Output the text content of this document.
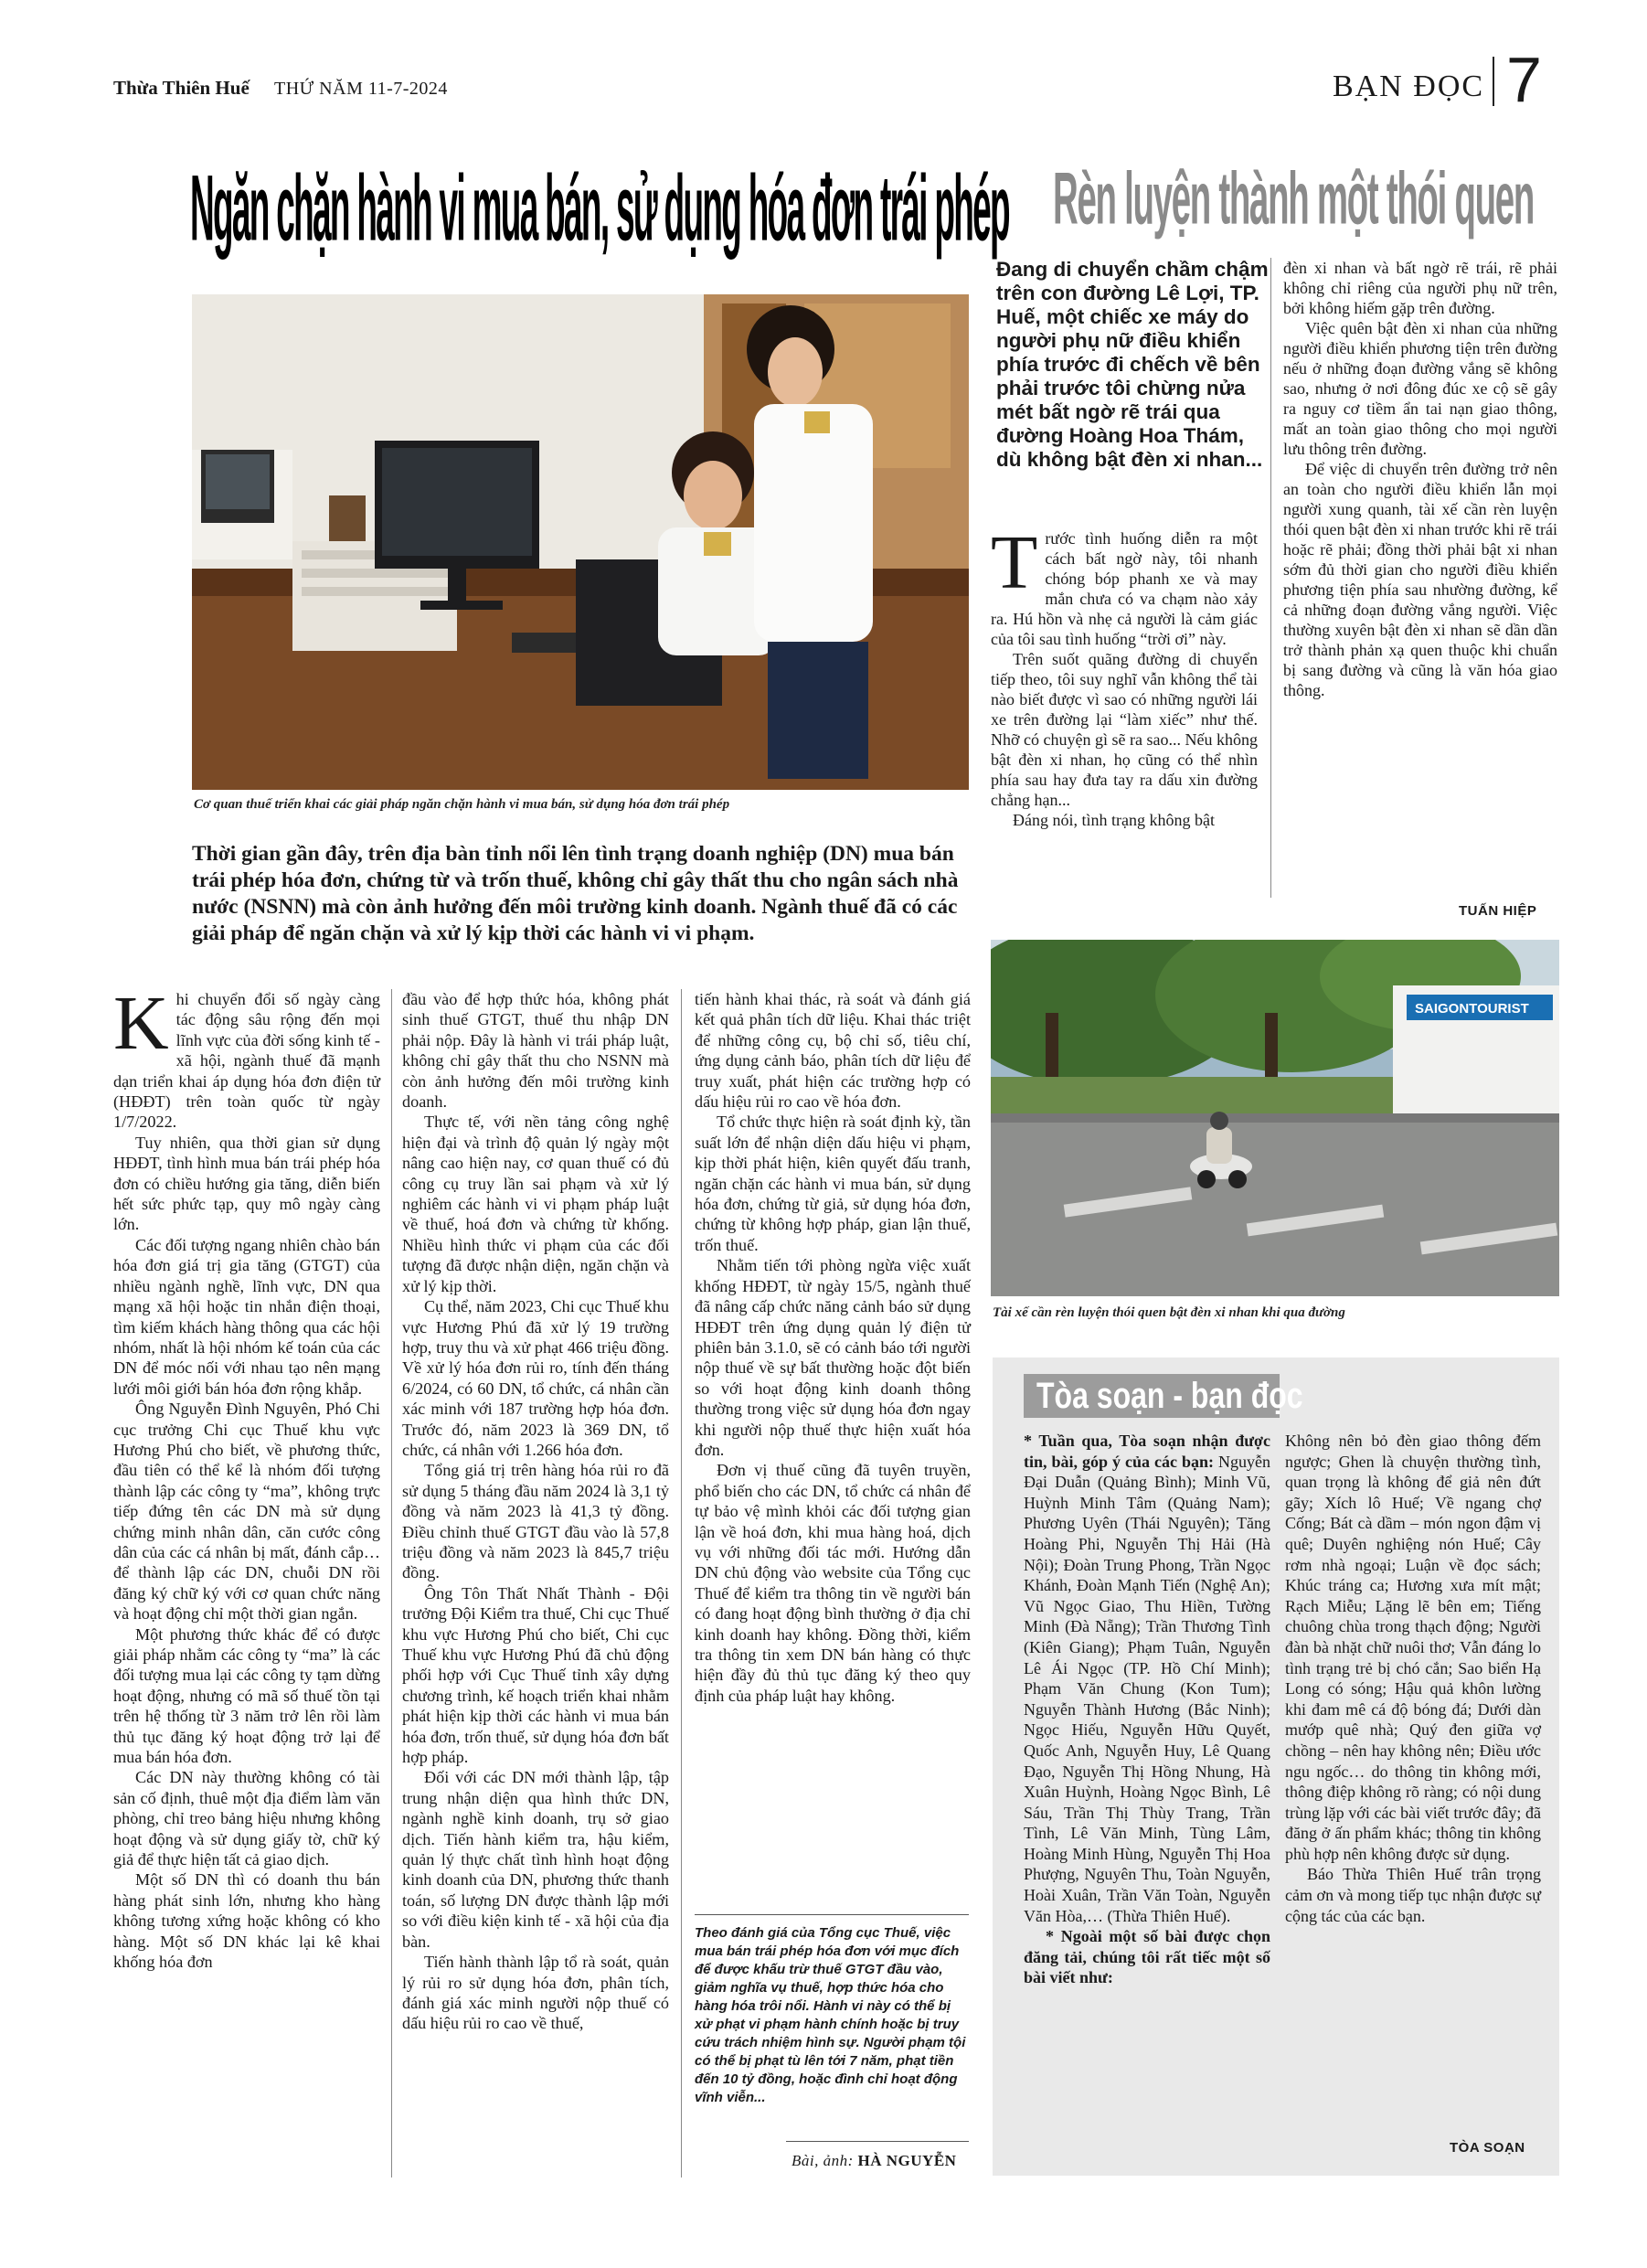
Thừa Thiên Huế THỨ NĂM 11-7-2024	BẠN ĐỌC 7
Ngăn chặn hành vi mua bán, sử dụng hóa đơn trái phép Rèn luyện thành một thói quen
Cơ quan thuế triển khai các giải pháp ngăn chặn hành vi mua bán, sử dụng hóa đơn trái phép
Thời gian gần đây, trên địa bàn tỉnh nổi lên tình trạng doanh nghiệp (DN) mua bán trái phép hóa đơn, chứng từ và trốn thuế, không chỉ gây thất thu cho ngân sách nhà nước (NSNN) mà còn ảnh hưởng đến môi trường kinh doanh. Ngành thuế đã có các giải pháp để ngăn chặn và xử lý kịp thời các hành vi vi phạm.
K hi chuyển đổi số ngày càng tác động sâu rộng đến mọi lĩnh vực của đời sống kinh tế - xã hội, ngành thuế đã mạnh dạn triển khai áp dụng hóa đơn điện tử (HĐĐT) trên toàn quốc từ ngày 1/7/2022.

Tuy nhiên, qua thời gian sử dụng HĐĐT, tình hình mua bán trái phép hóa đơn có chiều hướng gia tăng, diễn biến hết sức phức tạp, quy mô ngày càng lớn.

Các đối tượng ngang nhiên chào bán hóa đơn giá trị gia tăng (GTGT) của nhiều ngành nghề, lĩnh vực, DN qua mạng xã hội hoặc tin nhắn điện thoại, tìm kiếm khách hàng thông qua các hội nhóm, nhất là hội nhóm kế toán của các DN để móc nối với nhau tạo nên mạng lưới môi giới bán hóa đơn rộng khắp.

Ông Nguyễn Đình Nguyên, Phó Chi cục trưởng Chi cục Thuế khu vực Hương Phú cho biết, về phương thức, đầu tiên có thể kể là nhóm đối tượng thành lập các công ty “ma”, không trực tiếp đứng tên các DN mà sử dụng chứng minh nhân dân, căn cước công dân của các cá nhân bị mất, đánh cắp… để thành lập các DN, chuỗi DN rồi đăng ký chữ ký với cơ quan chức năng và hoạt động chỉ một thời gian ngắn.

Một phương thức khác để có được giải pháp nhằm các công ty “ma” là các đối tượng mua lại các công ty tạm dừng hoạt động, nhưng có mã số thuế tồn tại trên hệ thống từ 3 năm trở lên rồi làm thủ tục đăng ký hoạt động trở lại để mua bán hóa đơn.

Các DN này thường không có tài sản cố định, thuê một địa điểm làm văn phòng, chỉ treo bảng hiệu nhưng không hoạt động và sử dụng giấy tờ, chữ ký giả để thực hiện tất cả giao dịch.

Một số DN thì có doanh thu bán hàng phát sinh lớn, nhưng kho hàng không tương xứng hoặc không có kho hàng. Một số DN khác lại kê khai khống hóa đơn

đầu vào để hợp thức hóa, không phát sinh thuế GTGT, thuế thu nhập DN phải nộp. Đây là hành vi trái pháp luật, không chỉ gây thất thu cho NSNN mà còn ảnh hưởng đến môi trường kinh doanh.

Thực tế, với nền tảng công nghệ hiện đại và trình độ quản lý ngày một nâng cao hiện nay, cơ quan thuế có đủ công cụ truy lần sai phạm và xử lý nghiêm các hành vi vi phạm pháp luật về thuế, hoá đơn và chứng từ khống. Nhiều hình thức vi phạm của các đối tượng đã được nhận diện, ngăn chặn và xử lý kịp thời.

Cụ thể, năm 2023, Chi cục Thuế khu vực Hương Phú đã xử lý 19 trường hợp, truy thu và xử phạt 466 triệu đồng. Về xử lý hóa đơn rủi ro, tính đến tháng 6/2024, có 60 DN, tổ chức, cá nhân cần xác minh với 187 trường hợp hóa đơn. Trước đó, năm 2023 là 369 DN, tổ chức, cá nhân với 1.266 hóa đơn.

Tổng giá trị trên hàng hóa rủi ro đã sử dụng 5 tháng đầu năm 2024 là 3,1 tỷ đồng và năm 2023 là 41,3 tỷ đồng. Điều chỉnh thuế GTGT đầu vào là 57,8 triệu đồng và năm 2023 là 845,7 triệu đồng.

Ông Tôn Thất Nhất Thành - Đội trưởng Đội Kiểm tra thuế, Chi cục Thuế khu vực Hương Phú cho biết, Chi cục Thuế khu vực Hương Phú đã chủ động phối hợp với Cục Thuế tỉnh xây dựng chương trình, kế hoạch triển khai nhằm phát hiện kịp thời các hành vi mua bán hóa đơn, trốn thuế, sử dụng hóa đơn bất hợp pháp.

Đối với các DN mới thành lập, tập trung nhận diện qua hình thức DN, ngành nghề kinh doanh, trụ sở giao dịch. Tiến hành kiểm tra, hậu kiểm, quản lý thực chất tình hình hoạt động kinh doanh của DN, phương thức thanh toán, số lượng DN được thành lập mới so với điều kiện kinh tế - xã hội của địa bàn.

Tiến hành thành lập tổ rà soát, quản lý rủi ro sử dụng hóa đơn, phân tích, đánh giá xác minh người nộp thuế có dấu hiệu rủi ro cao về thuế,

tiến hành khai thác, rà soát và đánh giá kết quả phân tích dữ liệu. Khai thác triệt để những công cụ, bộ chỉ số, tiêu chí, ứng dụng cảnh báo, phân tích dữ liệu để truy xuất, phát hiện các trường hợp có dấu hiệu rủi ro cao về hóa đơn.

Tổ chức thực hiện rà soát định kỳ, tần suất lớn để nhận diện dấu hiệu vi phạm, kịp thời phát hiện, kiên quyết đấu tranh, ngăn chặn các hành vi mua bán, sử dụng hóa đơn, chứng từ giả, sử dụng hóa đơn, chứng từ không hợp pháp, gian lận thuế, trốn thuế.

Nhằm tiến tới phòng ngừa việc xuất khống HĐĐT, từ ngày 15/5, ngành thuế đã nâng cấp chức năng cảnh báo sử dụng HĐĐT trên ứng dụng quản lý điện tử phiên bản 3.1.0, sẽ có cảnh báo tới người nộp thuế về sự bất thường hoặc đột biến so với hoạt động kinh doanh thông thường trong việc sử dụng hóa đơn ngay khi người nộp thuế thực hiện xuất hóa đơn.

Đơn vị thuế cũng đã tuyên truyền, phổ biến cho các DN, tổ chức cá nhân để tự bảo vệ mình khỏi các đối tượng gian lận về hoá đơn, khi mua hàng hoá, dịch vụ với những đối tác mới. Hướng dẫn DN chủ động vào website của Tổng cục Thuế để kiểm tra thông tin về người bán có đang hoạt động bình thường ở địa chỉ kinh doanh hay không. Đồng thời, kiểm tra thông tin xem DN bán hàng có thực hiện đầy đủ thủ tục đăng ký theo quy định của pháp luật hay không.

Theo đánh giá của Tổng cục Thuế, việc mua bán trái phép hóa đơn với mục đích để được khấu trừ thuế GTGT đầu vào, giảm nghĩa vụ thuế, hợp thức hóa cho hàng hóa trôi nổi. Hành vi này có thể bị xử phạt vi phạm hành chính hoặc bị truy cứu trách nhiệm hình sự. Người phạm tội có thể bị phạt tù lên tới 7 năm, phạt tiền đến 10 tỷ đồng, hoặc đình chỉ hoạt động vĩnh viễn...
Bài, ảnh: HÀ NGUYỄN
Đang di chuyển chầm chậm trên con đường Lê Lợi, TP. Huế, một chiếc xe máy do người phụ nữ điều khiển phía trước đi chếch về bên phải trước tôi chừng nửa mét bất ngờ rẽ trái qua đường Hoàng Hoa Thám, dù không bật đèn xi nhan...
T rước tình huống diễn ra một cách bất ngờ này, tôi nhanh chóng bóp phanh xe và may mắn chưa có va chạm nào xảy ra. Hú hồn và nhẹ cả người là cảm giác của tôi sau tình huống “trời ơi” này.

Trên suốt quãng đường di chuyển tiếp theo, tôi suy nghĩ vẫn không thể tài nào biết được vì sao có những người lái xe trên đường lại “làm xiếc” như thế. Nhỡ có chuyện gì sẽ ra sao... Nếu không bật đèn xi nhan, họ cũng có thể nhìn phía sau hay đưa tay ra dấu xin đường chẳng hạn...

Đáng nói, tình trạng không bật

đèn xi nhan và bất ngờ rẽ trái, rẽ phải không chỉ riêng của người phụ nữ trên, bởi không hiếm gặp trên đường.

Việc quên bật đèn xi nhan của những người điều khiển phương tiện trên đường nếu ở những đoạn đường vắng sẽ không sao, nhưng ở nơi đông đúc xe cộ sẽ gây ra nguy cơ tiềm ẩn tai nạn giao thông, mất an toàn giao thông cho mọi người lưu thông trên đường.

Để việc di chuyển trên đường trở nên an toàn cho người điều khiển lẫn mọi người xung quanh, tài xế cần rèn luyện thói quen bật đèn xi nhan trước khi rẽ trái hoặc rẽ phải; đồng thời phải bật xi nhan sớm đủ thời gian cho người điều khiển phương tiện phía sau nhường đường, kể cả những đoạn đường vắng người. Việc thường xuyên bật đèn xi nhan sẽ dần dần trở thành phản xạ quen thuộc khi chuẩn bị sang đường và cũng là văn hóa giao thông.

TUẤN HIỆP
SAIGONTOURIST
Tài xế cần rèn luyện thói quen bật đèn xi nhan khi qua đường
Tòa soạn - bạn đọc

* Tuần qua, Tòa soạn nhận được tin, bài, góp ý của các bạn: Nguyễn Đại Duẫn (Quảng Bình); Minh Vũ, Huỳnh Minh Tâm (Quảng Nam); Phương Uyên (Thái Nguyên); Tăng Hoàng Phi, Nguyễn Thị Hải (Hà Nội); Đoàn Trung Phong, Trần Ngọc Khánh, Đoàn Mạnh Tiến (Nghệ An); Vũ Ngọc Giao, Thu Hiền, Tường Minh (Đà Nẵng); Trần Thương Tình (Kiên Giang); Phạm Tuân, Nguyễn Lê Ái Ngọc (TP. Hồ Chí Minh); Phạm Văn Chung (Kon Tum); Nguyễn Thành Hương (Bắc Ninh); Ngọc Hiếu, Nguyễn Hữu Quyết, Quốc Anh, Nguyễn Huy, Lê Quang Đạo, Nguyễn Thị Hồng Nhung, Hà Xuân Huỳnh, Hoàng Ngọc Bình, Lê Sáu, Trần Thị Thùy Trang, Trần Tình, Lê Văn Minh, Tùng Lâm, Hoàng Minh Hùng, Nguyễn Thị Hoa Phượng, Nguyên Thu, Toàn Nguyễn, Hoài Xuân, Trần Văn Toàn, Nguyễn Văn Hòa,… (Thừa Thiên Huế).

* Ngoài một số bài được chọn đăng tải, chúng tôi rất tiếc một số bài viết như:

Không nên bỏ đèn giao thông đếm ngược; Ghen là chuyện thường tình, quan trọng là không để giả nên đứt gãy; Xích lô Huế; Về ngang chợ Cống; Bát cà dầm – món ngon đậm vị quê; Duyên nghiệng nón Huế; Cây rơm nhà ngoại; Luận về đọc sách; Khúc tráng ca; Hương xưa mít mật; Rạch Miễu; Lặng lẽ bên em; Tiếng chuông chùa trong thạch động; Người đàn bà nhặt chữ nuôi thơ; Vẫn đáng lo tình trạng trẻ bị chó cắn; Sao biển Hạ Long có sóng; Hậu quả khôn lường khi đam mê cá độ bóng đá; Dưới dàn mướp quê nhà; Quý đen giữa vợ chồng – nên hay không nên; Điều ước ngu ngốc… do thông tin không mới, thông điệp không rõ ràng; có nội dung trùng lặp với các bài viết trước đây; đã đăng ở ấn phẩm khác; thông tin không phù hợp nên không được sử dụng.

Báo Thừa Thiên Huế trân trọng cảm ơn và mong tiếp tục nhận được sự cộng tác của các bạn.

TÒA SOẠN
